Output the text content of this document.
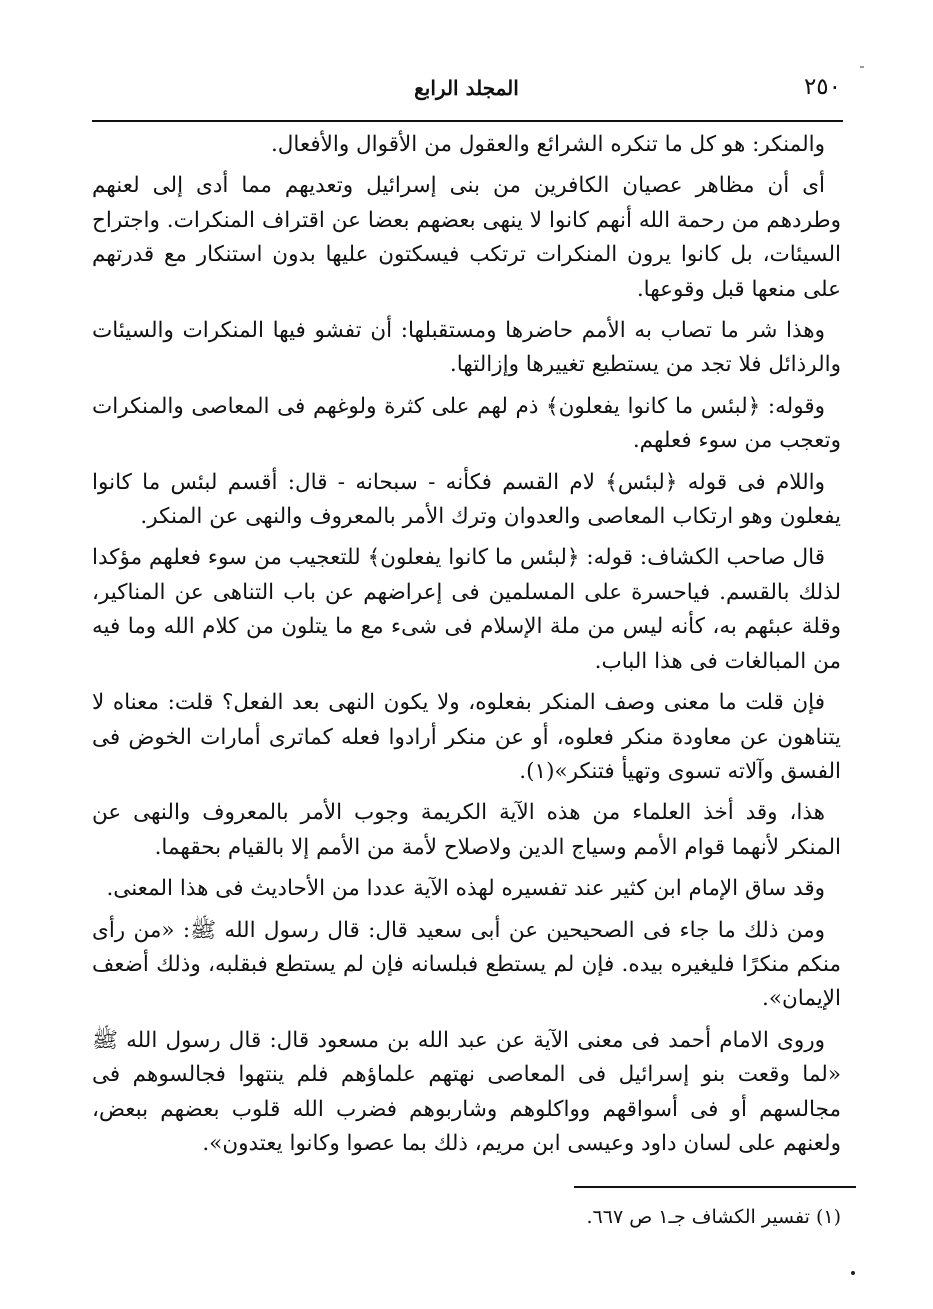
٢٥٠
المجلد الرابع

والمنكر: هو كل ما تنكره الشرائع والعقول من الأقوال والأفعال.

أى أن مظاهر عصيان الكافرين من بنى إسرائيل وتعديهم مما أدى إلى لعنهم وطردهم من رحمة الله أنهم كانوا لا ينهى بعضهم بعضا عن اقتراف المنكرات. واجتراح السيئات، بل كانوا يرون المنكرات ترتكب فيسكتون عليها بدون استنكار مع قدرتهم على منعها قبل وقوعها.

وهذا شر ما تصاب به الأمم حاضرها ومستقبلها: أن تفشو فيها المنكرات والسيئات والرذائل فلا تجد من يستطيع تغييرها وإزالتها.

وقوله: ﴿لبئس ما كانوا يفعلون﴾ ذم لهم على كثرة ولوغهم فى المعاصى والمنكرات وتعجب من سوء فعلهم.

واللام فى قوله ﴿لبئس﴾ لام القسم فكأنه - سبحانه - قال: أقسم لبئس ما كانوا يفعلون وهو ارتكاب المعاصى والعدوان وترك الأمر بالمعروف والنهى عن المنكر.

قال صاحب الكشاف: قوله: ﴿لبئس ما كانوا يفعلون﴾ للتعجيب من سوء فعلهم مؤكدا لذلك بالقسم. فياحسرة على المسلمين فى إعراضهم عن باب التناهى عن المناكير، وقلة عبئهم به، كأنه ليس من ملة الإسلام فى شىء مع ما يتلون من كلام الله وما فيه من المبالغات فى هذا الباب.

فإن قلت ما معنى وصف المنكر بفعلوه، ولا يكون النهى بعد الفعل؟ قلت: معناه لا يتناهون عن معاودة منكر فعلوه، أو عن منكر أرادوا فعله كماترى أمارات الخوض فى الفسق وآلاته تسوى وتهيأ فتنكر»(١).

هذا، وقد أخذ العلماء من هذه الآية الكريمة وجوب الأمر بالمعروف والنهى عن المنكر لأنهما قوام الأمم وسياج الدين ولاصلاح لأمة من الأمم إلا بالقيام بحقهما.

وقد ساق الإمام ابن كثير عند تفسيره لهذه الآية عددا من الأحاديث فى هذا المعنى.

ومن ذلك ما جاء فى الصحيحين عن أبى سعيد قال: قال رسول الله ﷺ: «من رأى منكم منكرًا فليغيره بيده. فإن لم يستطع فبلسانه فإن لم يستطع فبقلبه، وذلك أضعف الإيمان».

وروى الامام أحمد فى معنى الآية عن عبد الله بن مسعود قال: قال رسول الله ﷺ «لما وقعت بنو إسرائيل فى المعاصى نهتهم علماؤهم فلم ينتهوا فجالسوهم فى مجالسهم أو فى أسواقهم وواكلوهم وشاربوهم فضرب الله قلوب بعضهم ببعض، ولعنهم على لسان داود وعيسى ابن مريم، ذلك بما عصوا وكانوا يعتدون».

(١) تفسير الكشاف جـ١ ص ٦٦٧.
